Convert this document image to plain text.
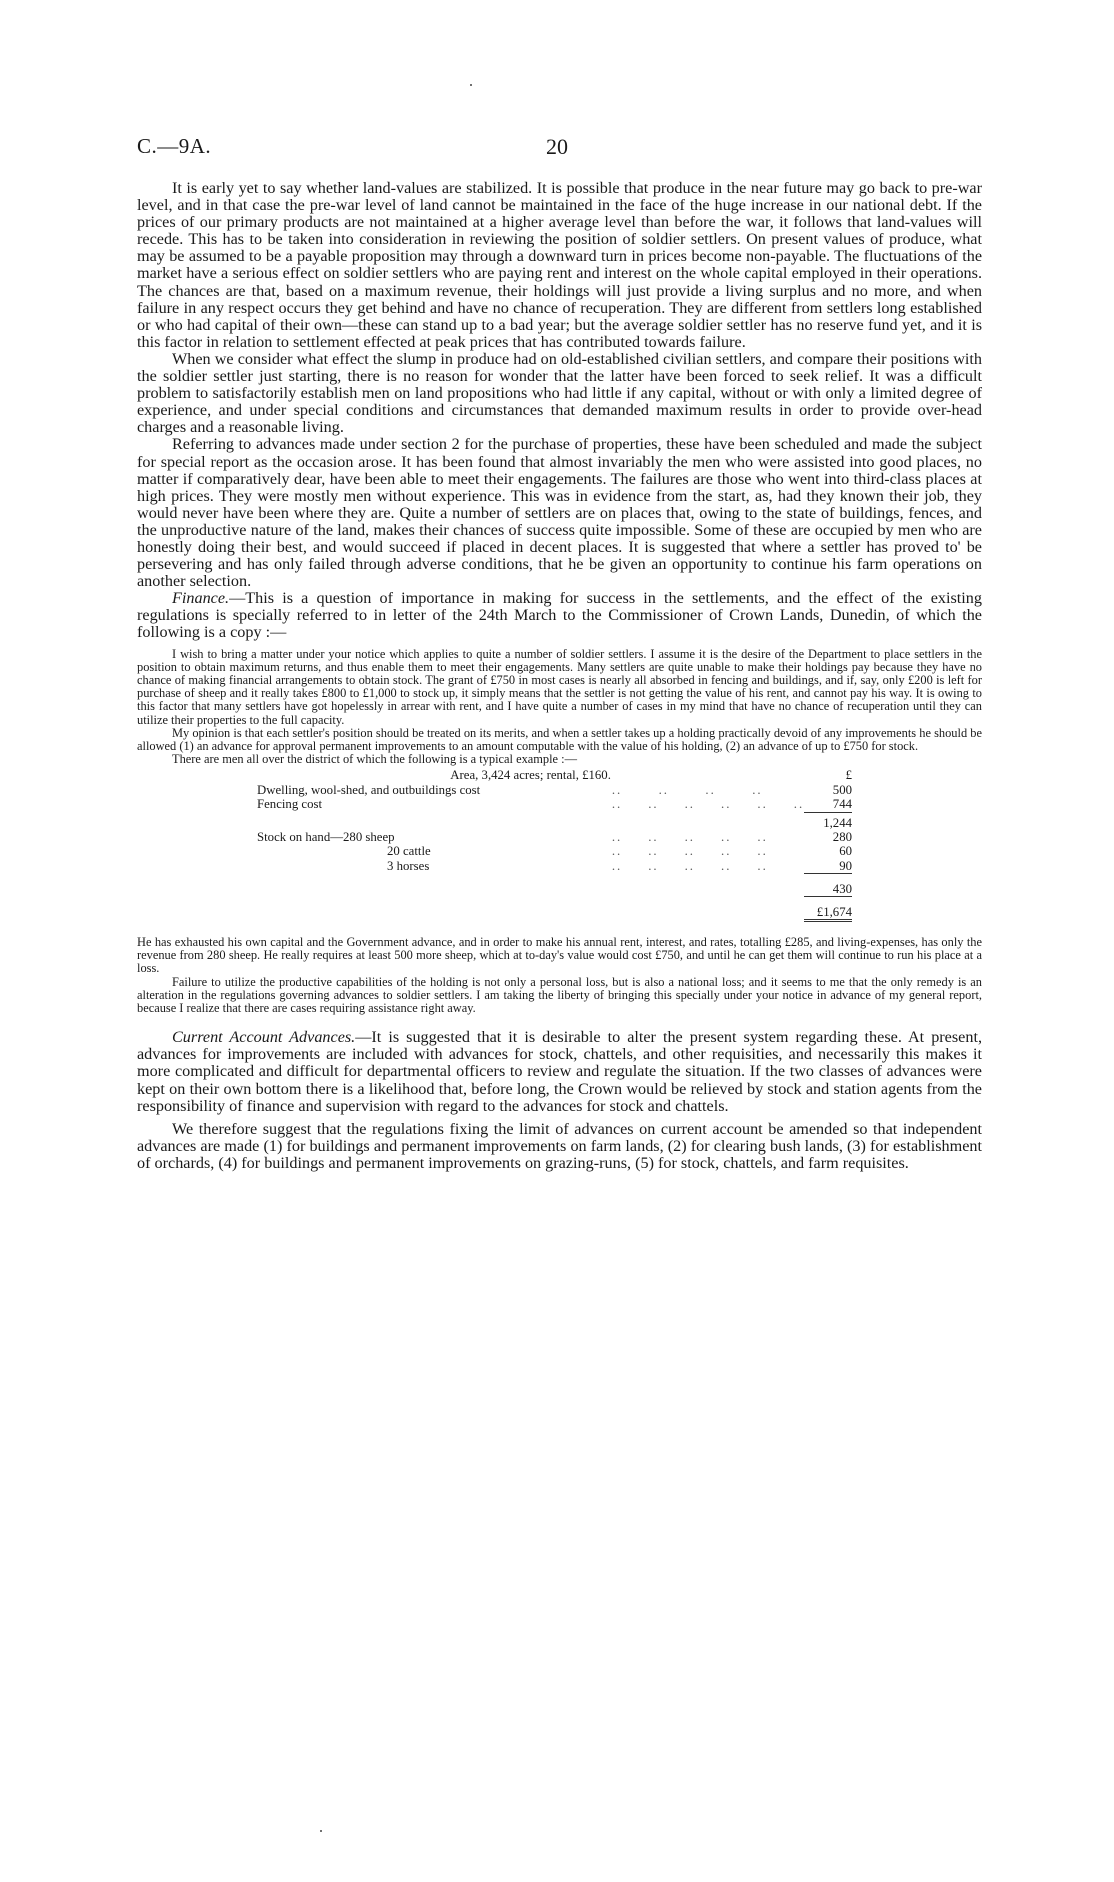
C.—9A.	20

It is early yet to say whether land-values are stabilized. It is possible that produce in the near future may go back to pre-war level, and in that case the pre-war level of land cannot be maintained in the face of the huge increase in our national debt. If the prices of our primary products are not maintained at a higher average level than before the war, it follows that land-values will recede. This has to be taken into consideration in reviewing the position of soldier settlers. On present values of produce, what may be assumed to be a payable proposition may through a downward turn in prices become non-payable. The fluctuations of the market have a serious effect on soldier settlers who are paying rent and interest on the whole capital employed in their operations. The chances are that, based on a maximum revenue, their holdings will just provide a living surplus and no more, and when failure in any respect occurs they get behind and have no chance of recuperation. They are different from settlers long established or who had capital of their own—these can stand up to a bad year; but the average soldier settler has no reserve fund yet, and it is this factor in relation to settlement effected at peak prices that has contributed towards failure.

When we consider what effect the slump in produce had on old-established civilian settlers, and compare their positions with the soldier settler just starting, there is no reason for wonder that the latter have been forced to seek relief. It was a difficult problem to satisfactorily establish men on land propositions who had little if any capital, without or with only a limited degree of experience, and under special conditions and circumstances that demanded maximum results in order to provide over-head charges and a reasonable living.

Referring to advances made under section 2 for the purchase of properties, these have been scheduled and made the subject for special report as the occasion arose. It has been found that almost invariably the men who were assisted into good places, no matter if comparatively dear, have been able to meet their engagements. The failures are those who went into third-class places at high prices. They were mostly men without experience. This was in evidence from the start, as, had they known their job, they would never have been where they are. Quite a number of settlers are on places that, owing to the state of buildings, fences, and the unproductive nature of the land, makes their chances of success quite impossible. Some of these are occupied by men who are honestly doing their best, and would succeed if placed in decent places. It is suggested that where a settler has proved to' be persevering and has only failed through adverse conditions, that he be given an opportunity to continue his farm operations on another selection.

Finance.—This is a question of importance in making for success in the settlements, and the effect of the existing regulations is specially referred to in letter of the 24th March to the Commissioner of Crown Lands, Dunedin, of which the following is a copy :—

I wish to bring a matter under your notice which applies to quite a number of soldier settlers. I assume it is the desire of the Department to place settlers in the position to obtain maximum returns, and thus enable them to meet their engagements. Many settlers are quite unable to make their holdings pay because they have no chance of making financial arrangements to obtain stock. The grant of £750 in most cases is nearly all absorbed in fencing and buildings, and if, say, only £200 is left for purchase of sheep and it really takes £800 to £1,000 to stock up, it simply means that the settler is not getting the value of his rent, and cannot pay his way. It is owing to this factor that many settlers have got hopelessly in arrear with rent, and I have quite a number of cases in my mind that have no chance of recuperation until they can utilize their properties to the full capacity.

My opinion is that each settler's position should be treated on its merits, and when a settler takes up a holding practically devoid of any improvements he should be allowed (1) an advance for approval permanent improvements to an amount computable with the value of his holding, (2) an advance of up to £750 for stock.

There are men all over the district of which the following is a typical example :—

Area, 3,424 acres; rental, £160.		£
Dwelling, wool-shed, and outbuildings cost	..       ..       ..       ..	500
Fencing cost	..     ..     ..     ..     ..     ..	744
		1,244
Stock on hand—280 sheep	..     ..     ..     ..     ..	280
20 cattle	..     ..     ..     ..     ..	60
3 horses	..     ..     ..     ..     ..	90

		430

		£1,674

He has exhausted his own capital and the Government advance, and in order to make his annual rent, interest, and rates, totalling £285, and living-expenses, has only the revenue from 280 sheep. He really requires at least 500 more sheep, which at to-day's value would cost £750, and until he can get them will continue to run his place at a loss.

Failure to utilize the productive capabilities of the holding is not only a personal loss, but is also a national loss; and it seems to me that the only remedy is an alteration in the regulations governing advances to soldier settlers. I am taking the liberty of bringing this specially under your notice in advance of my general report, because I realize that there are cases requiring assistance right away.

Current Account Advances.—It is suggested that it is desirable to alter the present system regarding these. At present, advances for improvements are included with advances for stock, chattels, and other requisities, and necessarily this makes it more complicated and difficult for departmental officers to review and regulate the situation. If the two classes of advances were kept on their own bottom there is a likelihood that, before long, the Crown would be relieved by stock and station agents from the responsibility of finance and supervision with regard to the advances for stock and chattels.

We therefore suggest that the regulations fixing the limit of advances on current account be amended so that independent advances are made (1) for buildings and permanent improvements on farm lands, (2) for clearing bush lands, (3) for establishment of orchards, (4) for buildings and permanent improvements on grazing-runs, (5) for stock, chattels, and farm requisites.
